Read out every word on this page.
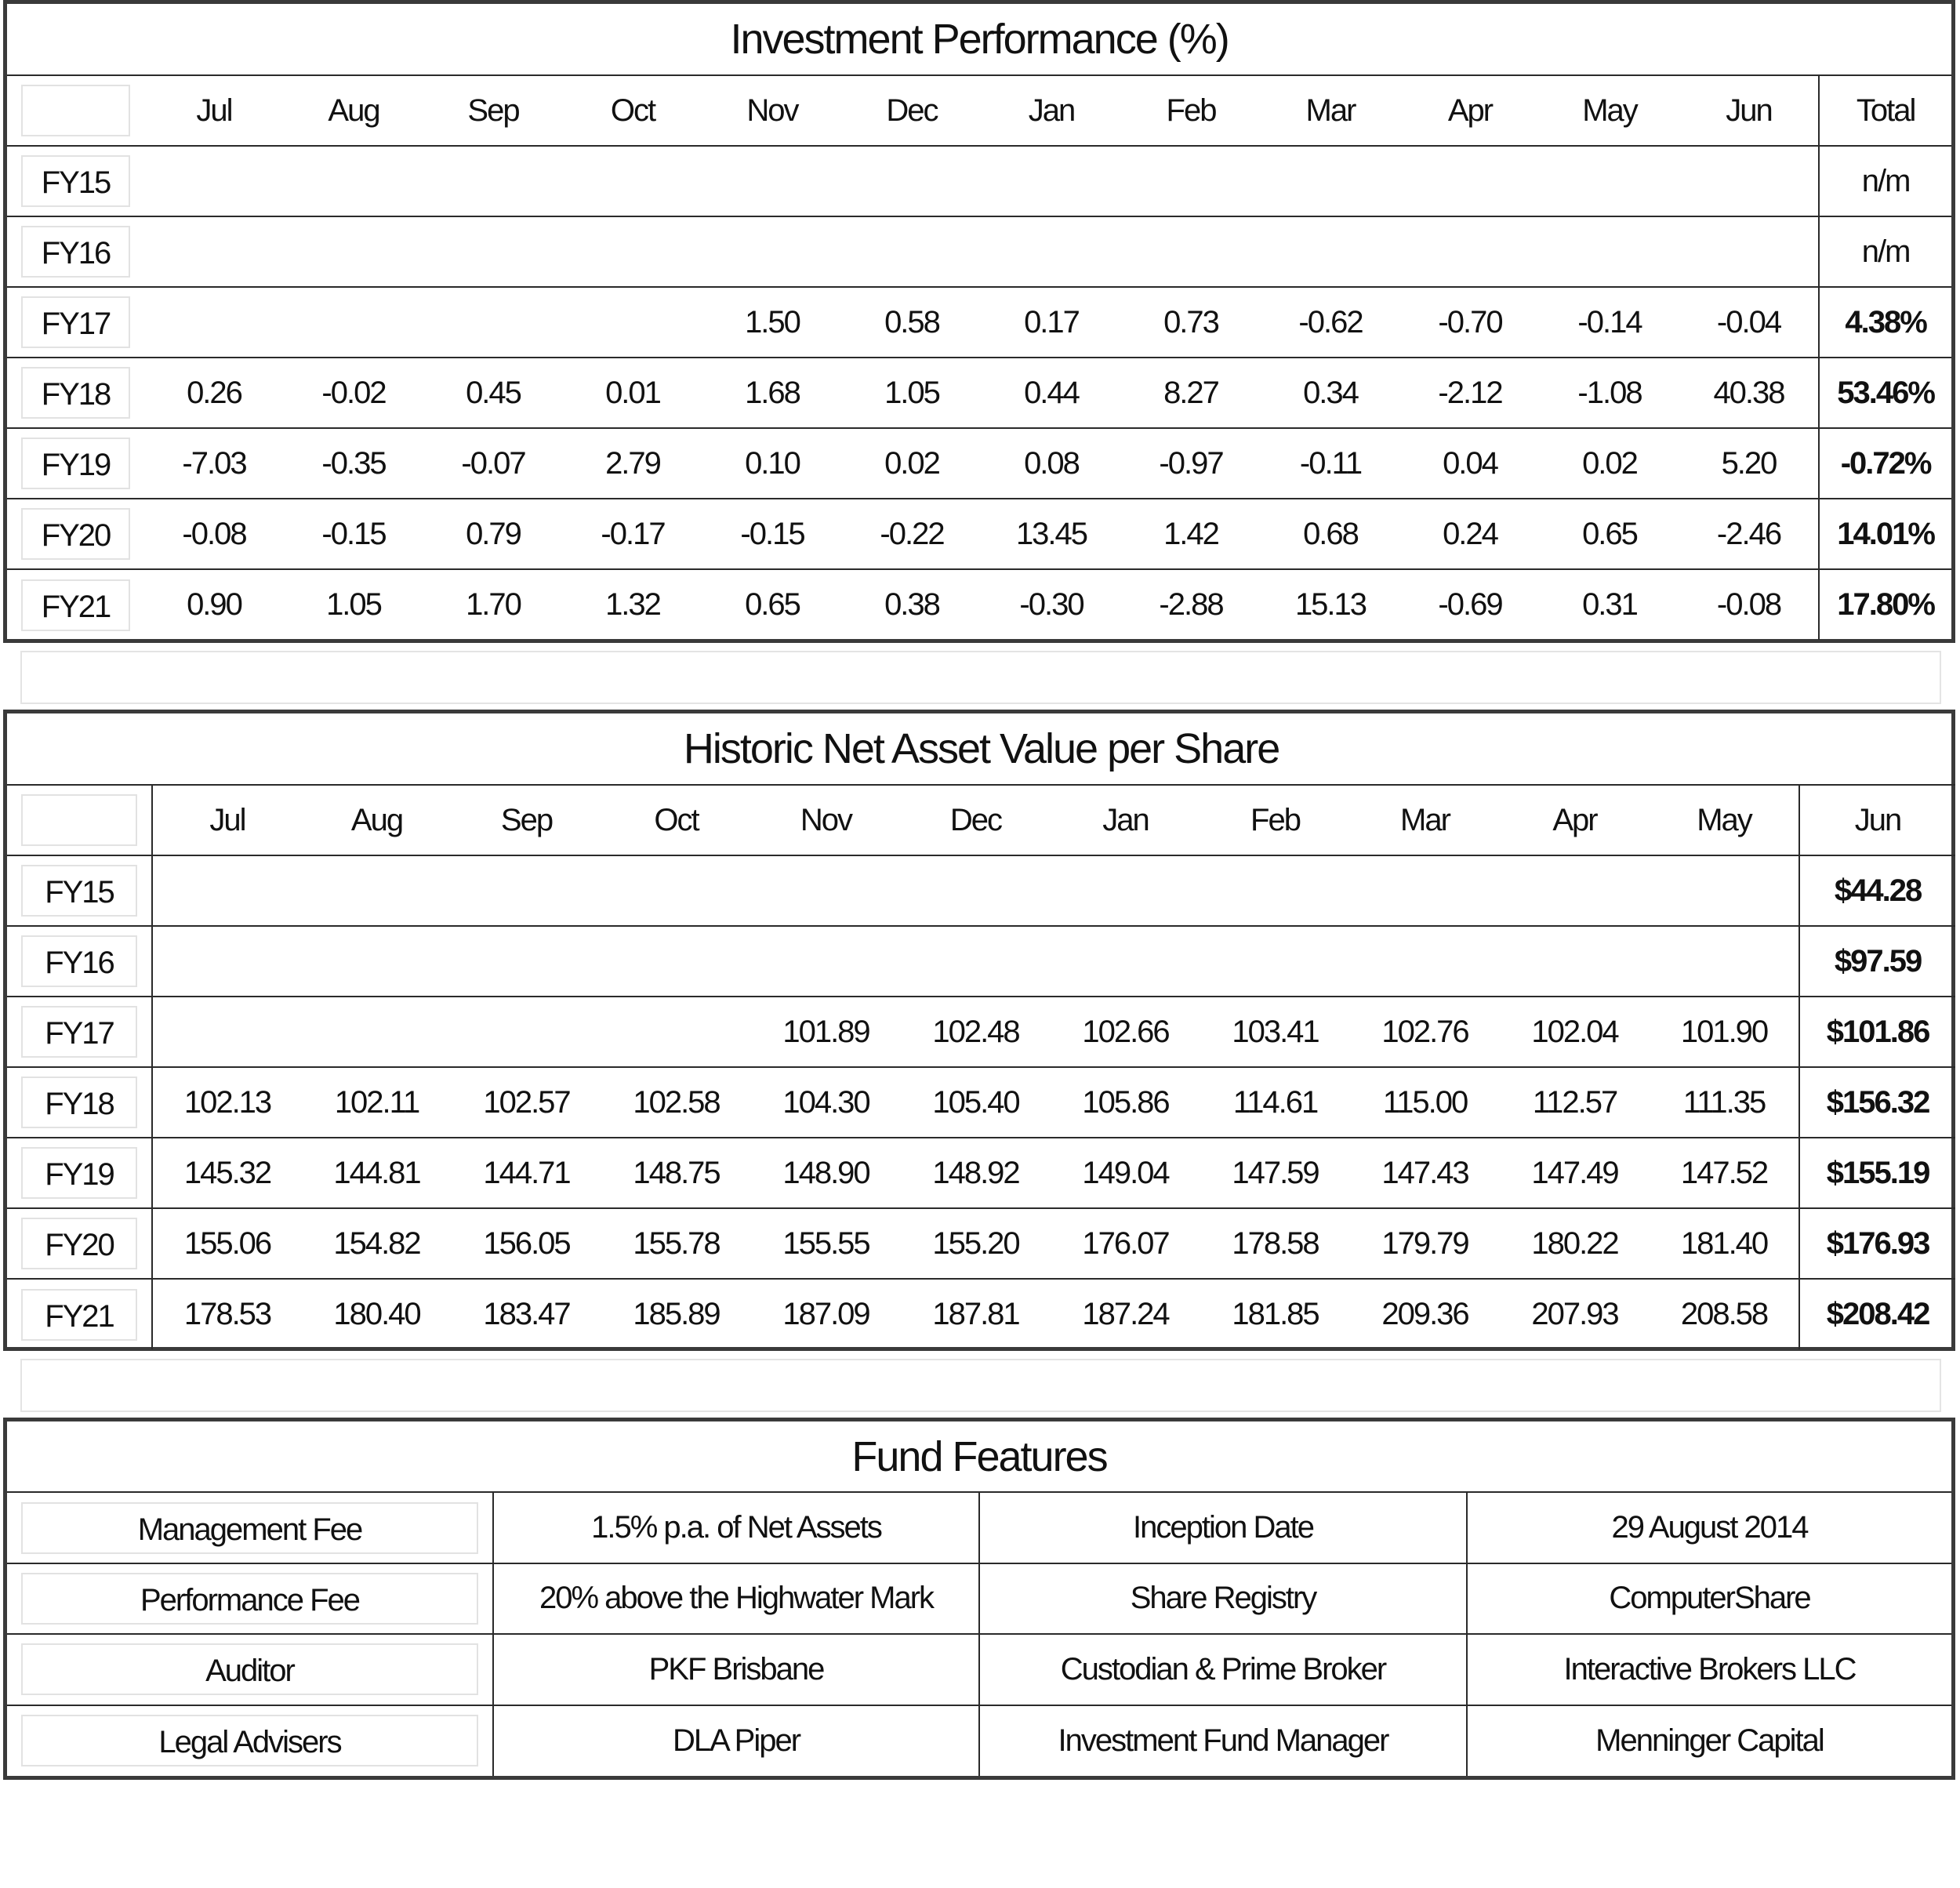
Investment Performance (%)													

	Jul	Aug	Sep	Oct	Nov	Dec	Jan	Feb	Mar	Apr	May	Jun	Total

FY15													n/m

FY16													n/m

FY17					1.50	0.58	0.17	0.73	-0.62	-0.70	-0.14	-0.04	4.38%

FY18	0.26	-0.02	0.45	0.01	1.68	1.05	0.44	8.27	0.34	-2.12	-1.08	40.38	53.46%

FY19	-7.03	-0.35	-0.07	2.79	0.10	0.02	0.08	-0.97	-0.11	0.04	0.02	5.20	-0.72%

FY20	-0.08	-0.15	0.79	-0.17	-0.15	-0.22	13.45	1.42	0.68	0.24	0.65	-2.46	14.01%

FY21	0.90	1.05	1.70	1.32	0.65	0.38	-0.30	-2.88	15.13	-0.69	0.31	-0.08	17.80%
Historic Net Asset Value per Share												

	Jul	Aug	Sep	Oct	Nov	Dec	Jan	Feb	Mar	Apr	May	Jun

FY15												$44.28

FY16												$97.59

FY17					101.89	102.48	102.66	103.41	102.76	102.04	101.90	$101.86

FY18	102.13	102.11	102.57	102.58	104.30	105.40	105.86	114.61	115.00	112.57	111.35	$156.32

FY19	145.32	144.81	144.71	148.75	148.90	148.92	149.04	147.59	147.43	147.49	147.52	$155.19

FY20	155.06	154.82	156.05	155.78	155.55	155.20	176.07	178.58	179.79	180.22	181.40	$176.93

FY21	178.53	180.40	183.47	185.89	187.09	187.81	187.24	181.85	209.36	207.93	208.58	$208.42
Fund Features			

Management Fee	1.5% p.a. of Net Assets	Inception Date	29 August 2014

Performance Fee	20% above the Highwater Mark	Share Registry	ComputerShare

Auditor	PKF Brisbane	Custodian & Prime Broker	Interactive Brokers LLC

Legal Advisers	DLA Piper	Investment Fund Manager	Menninger Capital
